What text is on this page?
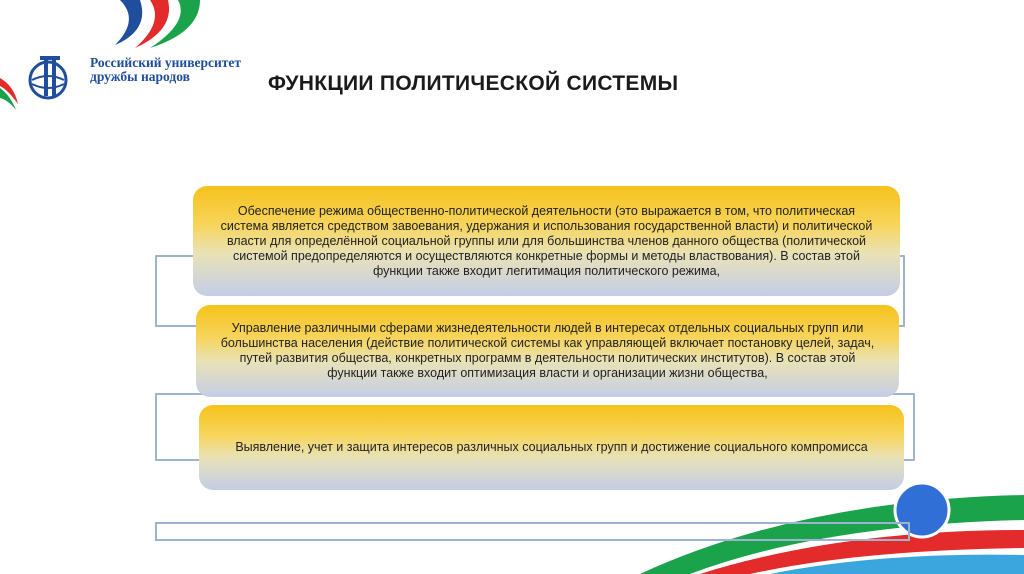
Российский университет
дружбы народов	ФУНКЦИИ ПОЛИТИЧЕСКОЙ СИСТЕМЫ
Обеспечение режима общественно-политической деятельности (это выражается в том, что политическая система является средством завоевания, удержания и использования государственной власти) и политической власти для определённой социальной группы или для большинства членов данного общества (политической системой предопределяются и осуществляются конкретные формы и методы властвования). В состав этой функции также входит легитимация политического режима,
Управление различными сферами жизнедеятельности людей в интересах отдельных социальных групп или большинства населения (действие политической системы как управляющей включает постановку целей, задач, путей развития общества, конкретных программ в деятельности политических институтов). В состав этой функции также входит оптимизация власти и организации жизни общества,
Выявление, учет и защита интересов различных социальных групп и достижение социального компромисса
